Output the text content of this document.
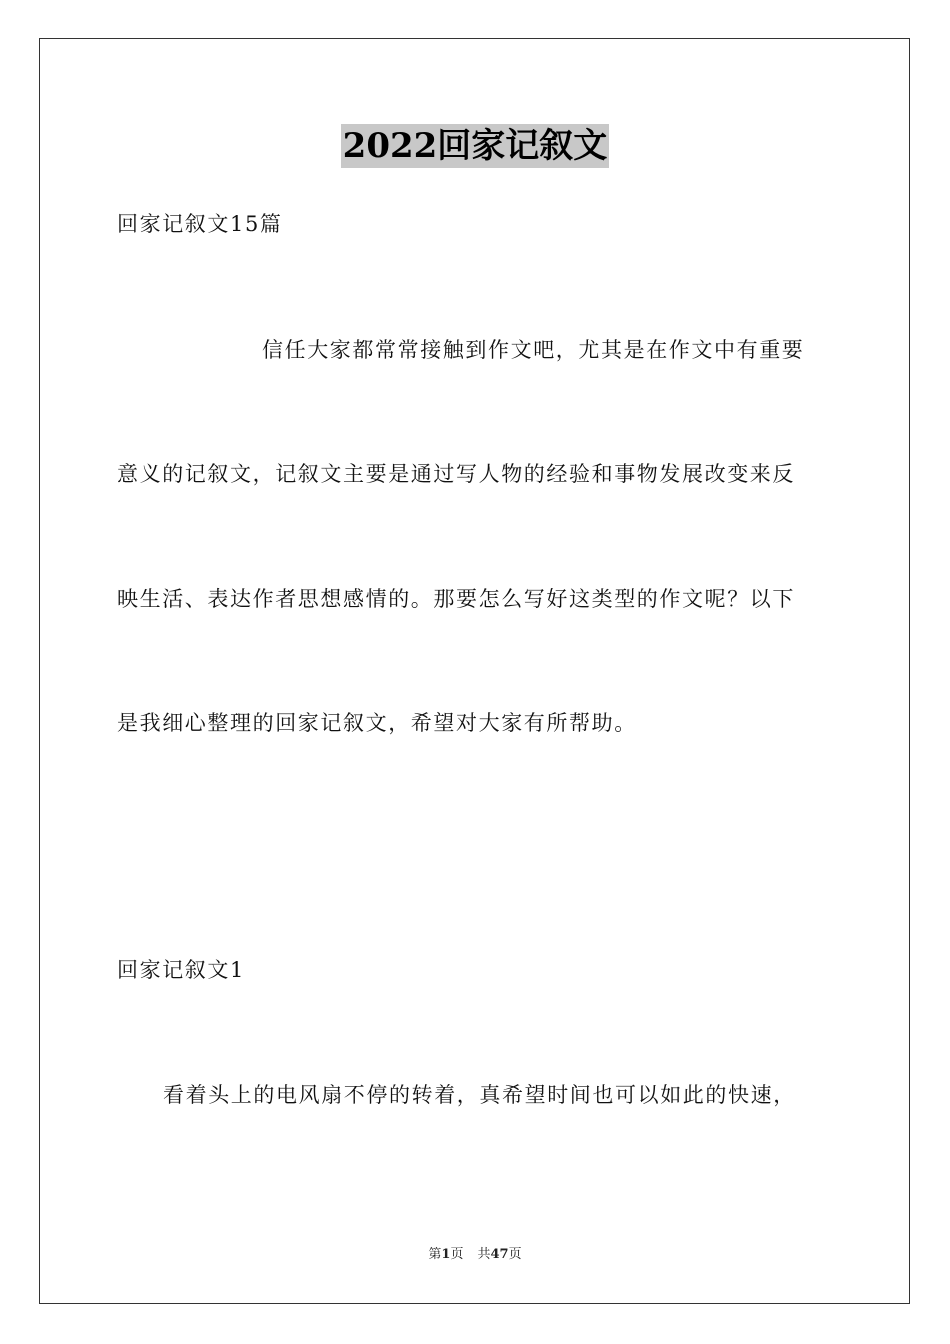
2022回家记叙文
回家记叙文15篇
信任大家都常常接触到作文吧，尤其是在作文中有重要
意义的记叙文，记叙文主要是通过写人物的经验和事物发展改变来反
映生活、表达作者思想感情的。那要怎么写好这类型的作文呢？以下
是我细心整理的回家记叙文，希望对大家有所帮助。
回家记叙文1
看着头上的电风扇不停的转着，真希望时间也可以如此的快速，
第1页 共47页
